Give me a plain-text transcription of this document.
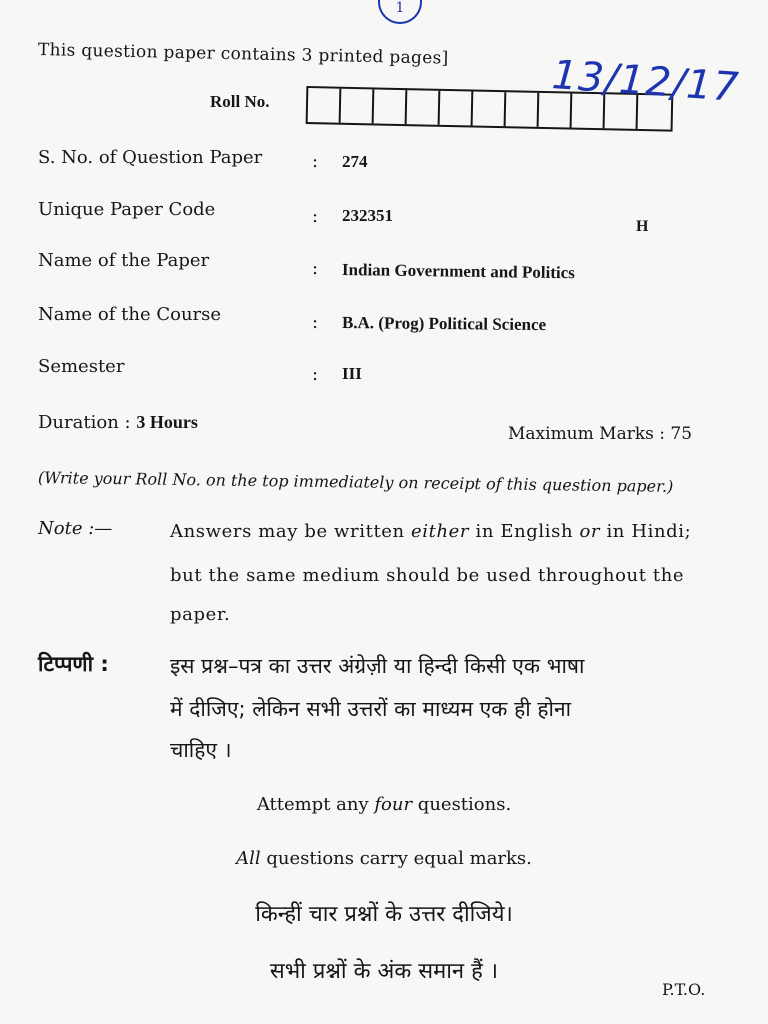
1
This question paper contains 3 printed pages]
Roll No.	13/12/17
S. No. of Question Paper	: 274
Unique Paper Code	: 232351
H
Name of the Paper	: Indian Government and Politics
Name of the Course	: B.A. (Prog) Political Science
Semester	: III
Duration : 3 Hours
Maximum Marks : 75
(Write your Roll No. on the top immediately on receipt of this question paper.)
Note :—	Answers may be written either in English or in Hindi;
but the same medium should be used throughout the
paper.
टिप्पणी :	इस प्रश्न–पत्र का उत्तर अंग्रेज़ी या हिन्दी किसी एक भाषा
में दीजिए; लेकिन सभी उत्तरों का माध्यम एक ही होना
चाहिए ।
Attempt any four questions.
All questions carry equal marks.
किन्हीं चार प्रश्नों के उत्तर दीजिये।
सभी प्रश्नों के अंक समान हैं ।
P.T.O.
